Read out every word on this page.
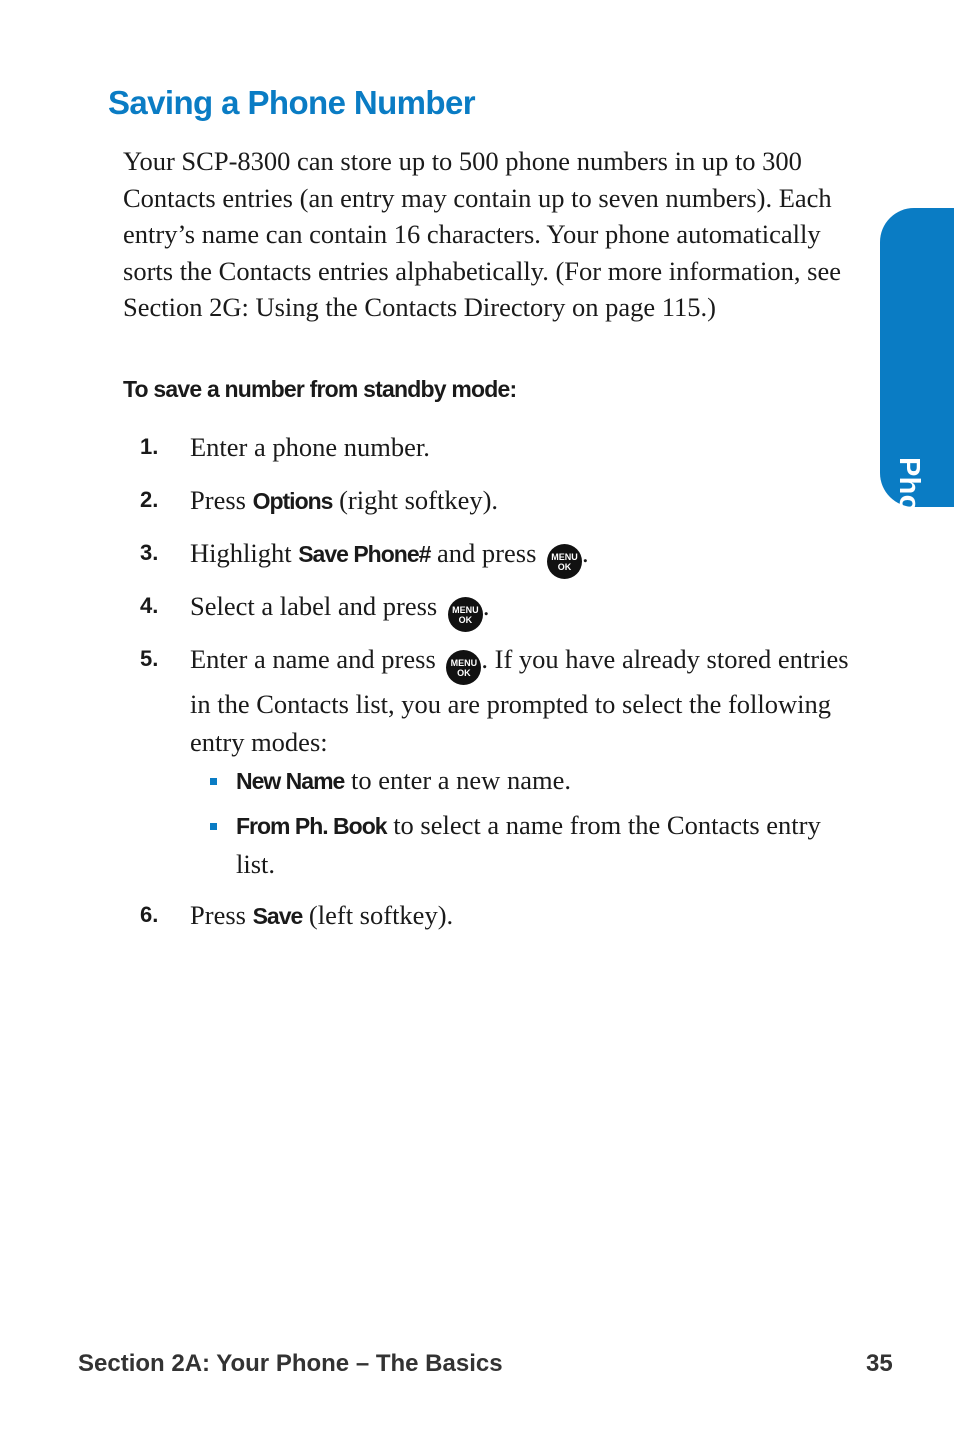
Saving a Phone Number

Your SCP-8300 can store up to 500 phone numbers in up to 300 Contacts entries (an entry may contain up to seven numbers). Each entry’s name can contain 16 characters. Your phone automatically sorts the Contacts entries alphabetically. (For more information, see Section 2G: Using the Contacts Directory on page 115.)

To save a number from standby mode:

1. Enter a phone number.
2. Press Options (right softkey).
3. Highlight Save Phone# and press MENU
OK .
4. Select a label and press MENU
OK .
5. Enter a name and press MENU
OK . If you have already stored entries in the Contacts list, you are prompted to select the following entry modes:
New Name to enter a new name.
From Ph. Book to select a name from the Contacts entry list.
6. Press Save (left softkey).
Phone Basics
Section 2A: Your Phone – The Basics	35
